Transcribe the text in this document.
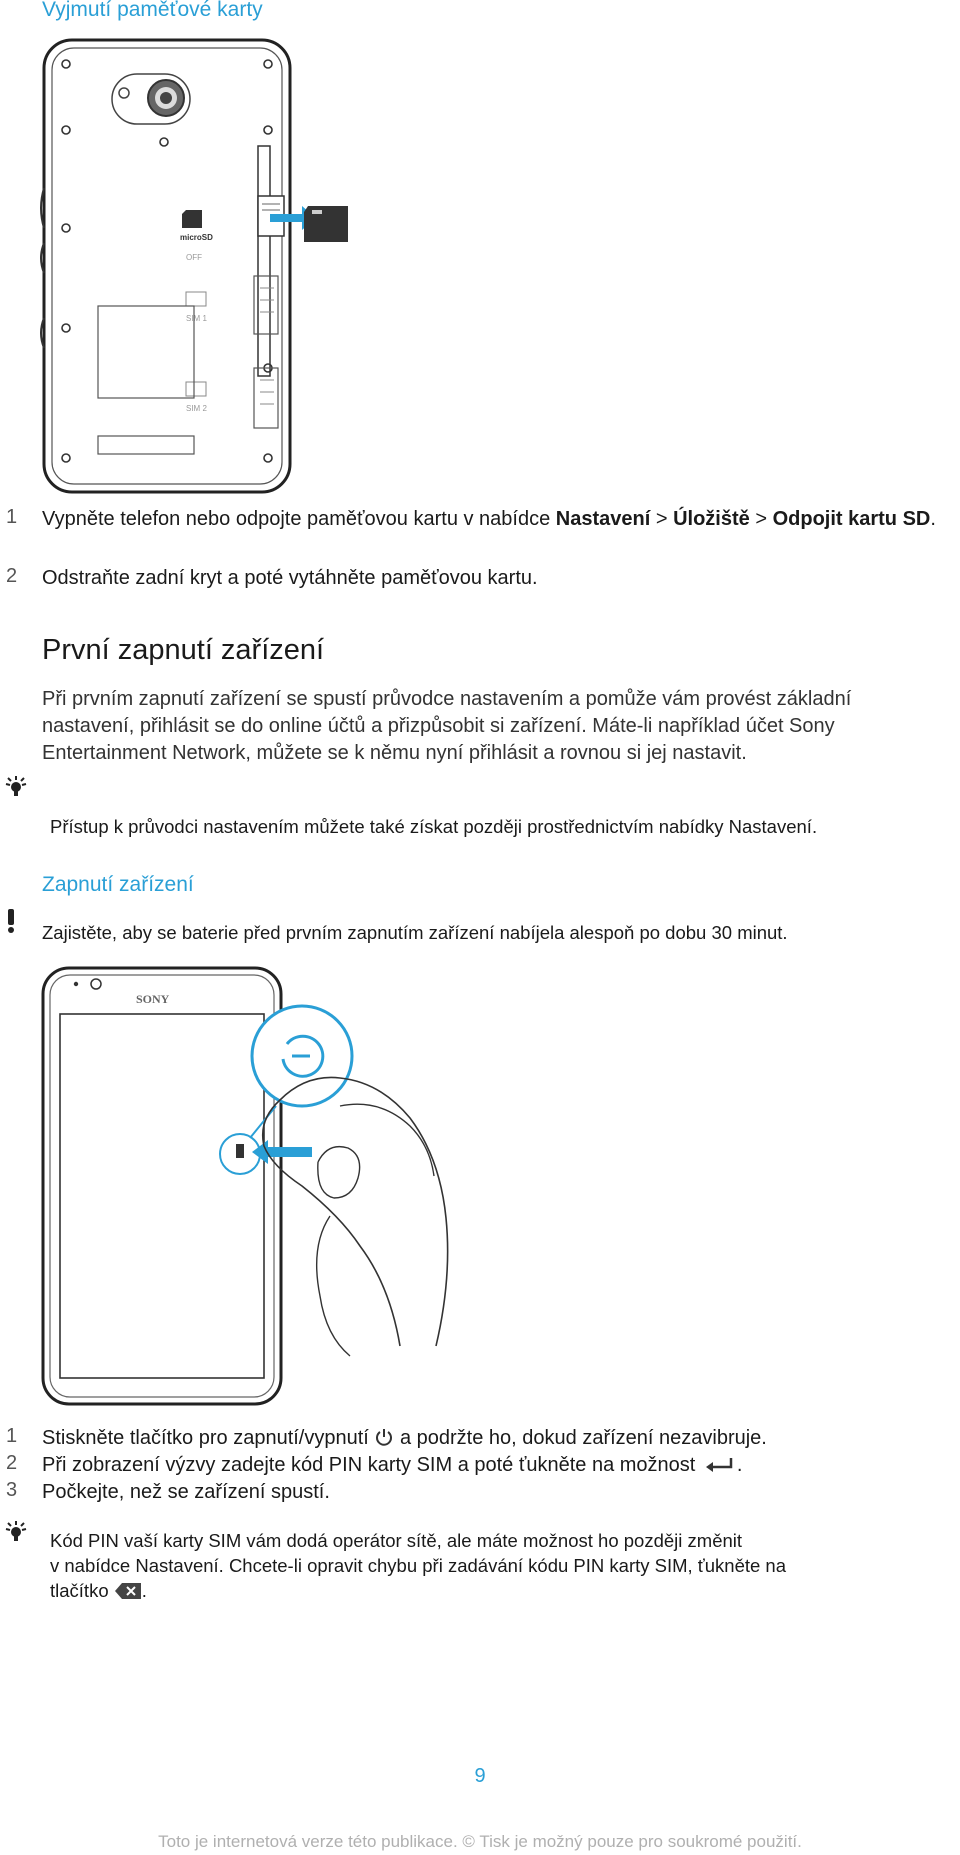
Vyjmutí paměťové karty
microSD
OFF
SIM 1
SIM 2
1 Vypněte telefon nebo odpojte paměťovou kartu v nabídce Nastavení > Úložiště > Odpojit kartu SD.
2 Odstraňte zadní kryt a poté vytáhněte paměťovou kartu.
První zapnutí zařízení
Při prvním zapnutí zařízení se spustí průvodce nastavením a pomůže vám provést základní nastavení, přihlásit se do online účtů a přizpůsobit si zařízení. Máte-li například účet Sony Entertainment Network, můžete se k němu nyní přihlásit a rovnou si jej nastavit.
Přístup k průvodci nastavením můžete také získat později prostřednictvím nabídky Nastavení.
Zapnutí zařízení
Zajistěte, aby se baterie před prvním zapnutím zařízení nabíjela alespoň po dobu 30 minut.
SONY
1 Stiskněte tlačítko pro zapnutí/vypnutí
a podržte ho, dokud zařízení nezavibruje.
2 Při zobrazení výzvy zadejte kód PIN karty SIM a poté ťukněte na možnost
.
3 Počkejte, než se zařízení spustí.
Kód PIN vaší karty SIM vám dodá operátor sítě, ale máte možnost ho později změnit
v nabídce Nastavení. Chcete-li opravit chybu při zadávání kódu PIN karty SIM, ťukněte na
tlačítko
.
9
Toto je internetová verze této publikace. © Tisk je možný pouze pro soukromé použití.
